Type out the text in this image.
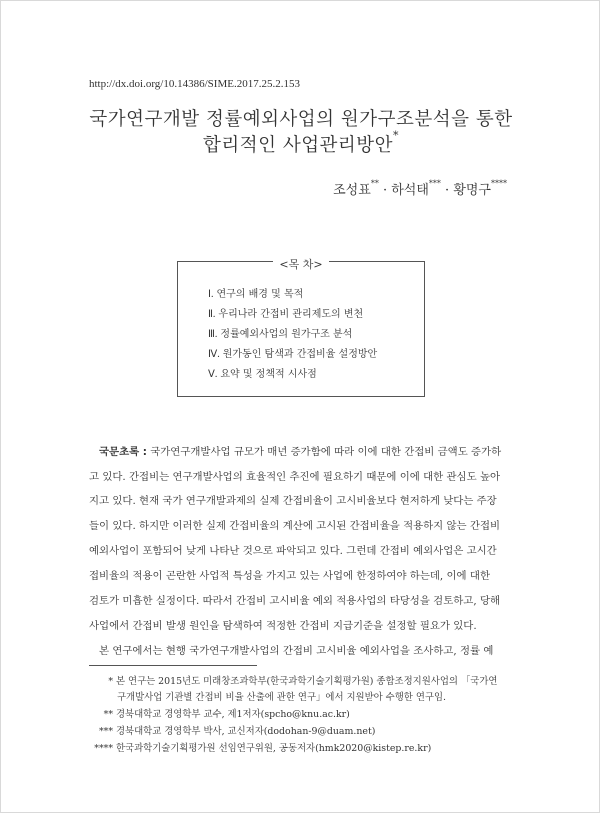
http://dx.doi.org/10.14386/SIME.2017.25.2.153
국가연구개발 정률예외사업의 원가구조분석을 통한
합리적인 사업관리방안*
조성표** · 하석태*** · 황명구****
<목 차>
Ⅰ. 연구의 배경 및 목적
Ⅱ. 우리나라 간접비 관리제도의 변천
Ⅲ. 정률예외사업의 원가구조 분석
Ⅳ. 원가동인 탐색과 간접비율 설정방안
Ⅴ. 요약 및 정책적 시사점
국문초록 : 국가연구개발사업 규모가 매년 증가함에 따라 이에 대한 간접비 금액도 증가하
고 있다. 간접비는 연구개발사업의 효율적인 추진에 필요하기 때문에 이에 대한 관심도 높아
지고 있다. 현재 국가 연구개발과제의 실제 간접비율이 고시비율보다 현저하게 낮다는 주장
들이 있다. 하지만 이러한 실제 간접비율의 계산에 고시된 간접비율을 적용하지 않는 간접비
예외사업이 포함되어 낮게 나타난 것으로 파악되고 있다. 그런데 간접비 예외사업은 고시간
접비율의 적용이 곤란한 사업적 특성을 가지고 있는 사업에 한정하여야 하는데, 이에 대한
검토가 미흡한 실정이다. 따라서 간접비 고시비율 예외 적용사업의 타당성을 검토하고, 당해
사업에서 간접비 발생 원인을 탐색하여 적정한 간접비 지급기준을 설정할 필요가 있다.
본 연구에서는 현행 국가연구개발사업의 간접비 고시비율 예외사업을 조사하고, 정률 예
* 본 연구는 2015년도 미래창조과학부(한국과학기술기획평가원) 종합조정지원사업의 「국가연
구개발사업 기관별 간접비 비율 산출에 관한 연구」에서 지원받아 수행한 연구임.
** 경북대학교 경영학부 교수, 제1저자(spcho@knu.ac.kr)
*** 경북대학교 경영학부 박사, 교신저자(dodohan-9@duam.net)
**** 한국과학기술기획평가원 선임연구위원, 공동저자(hmk2020@kistep.re.kr)
